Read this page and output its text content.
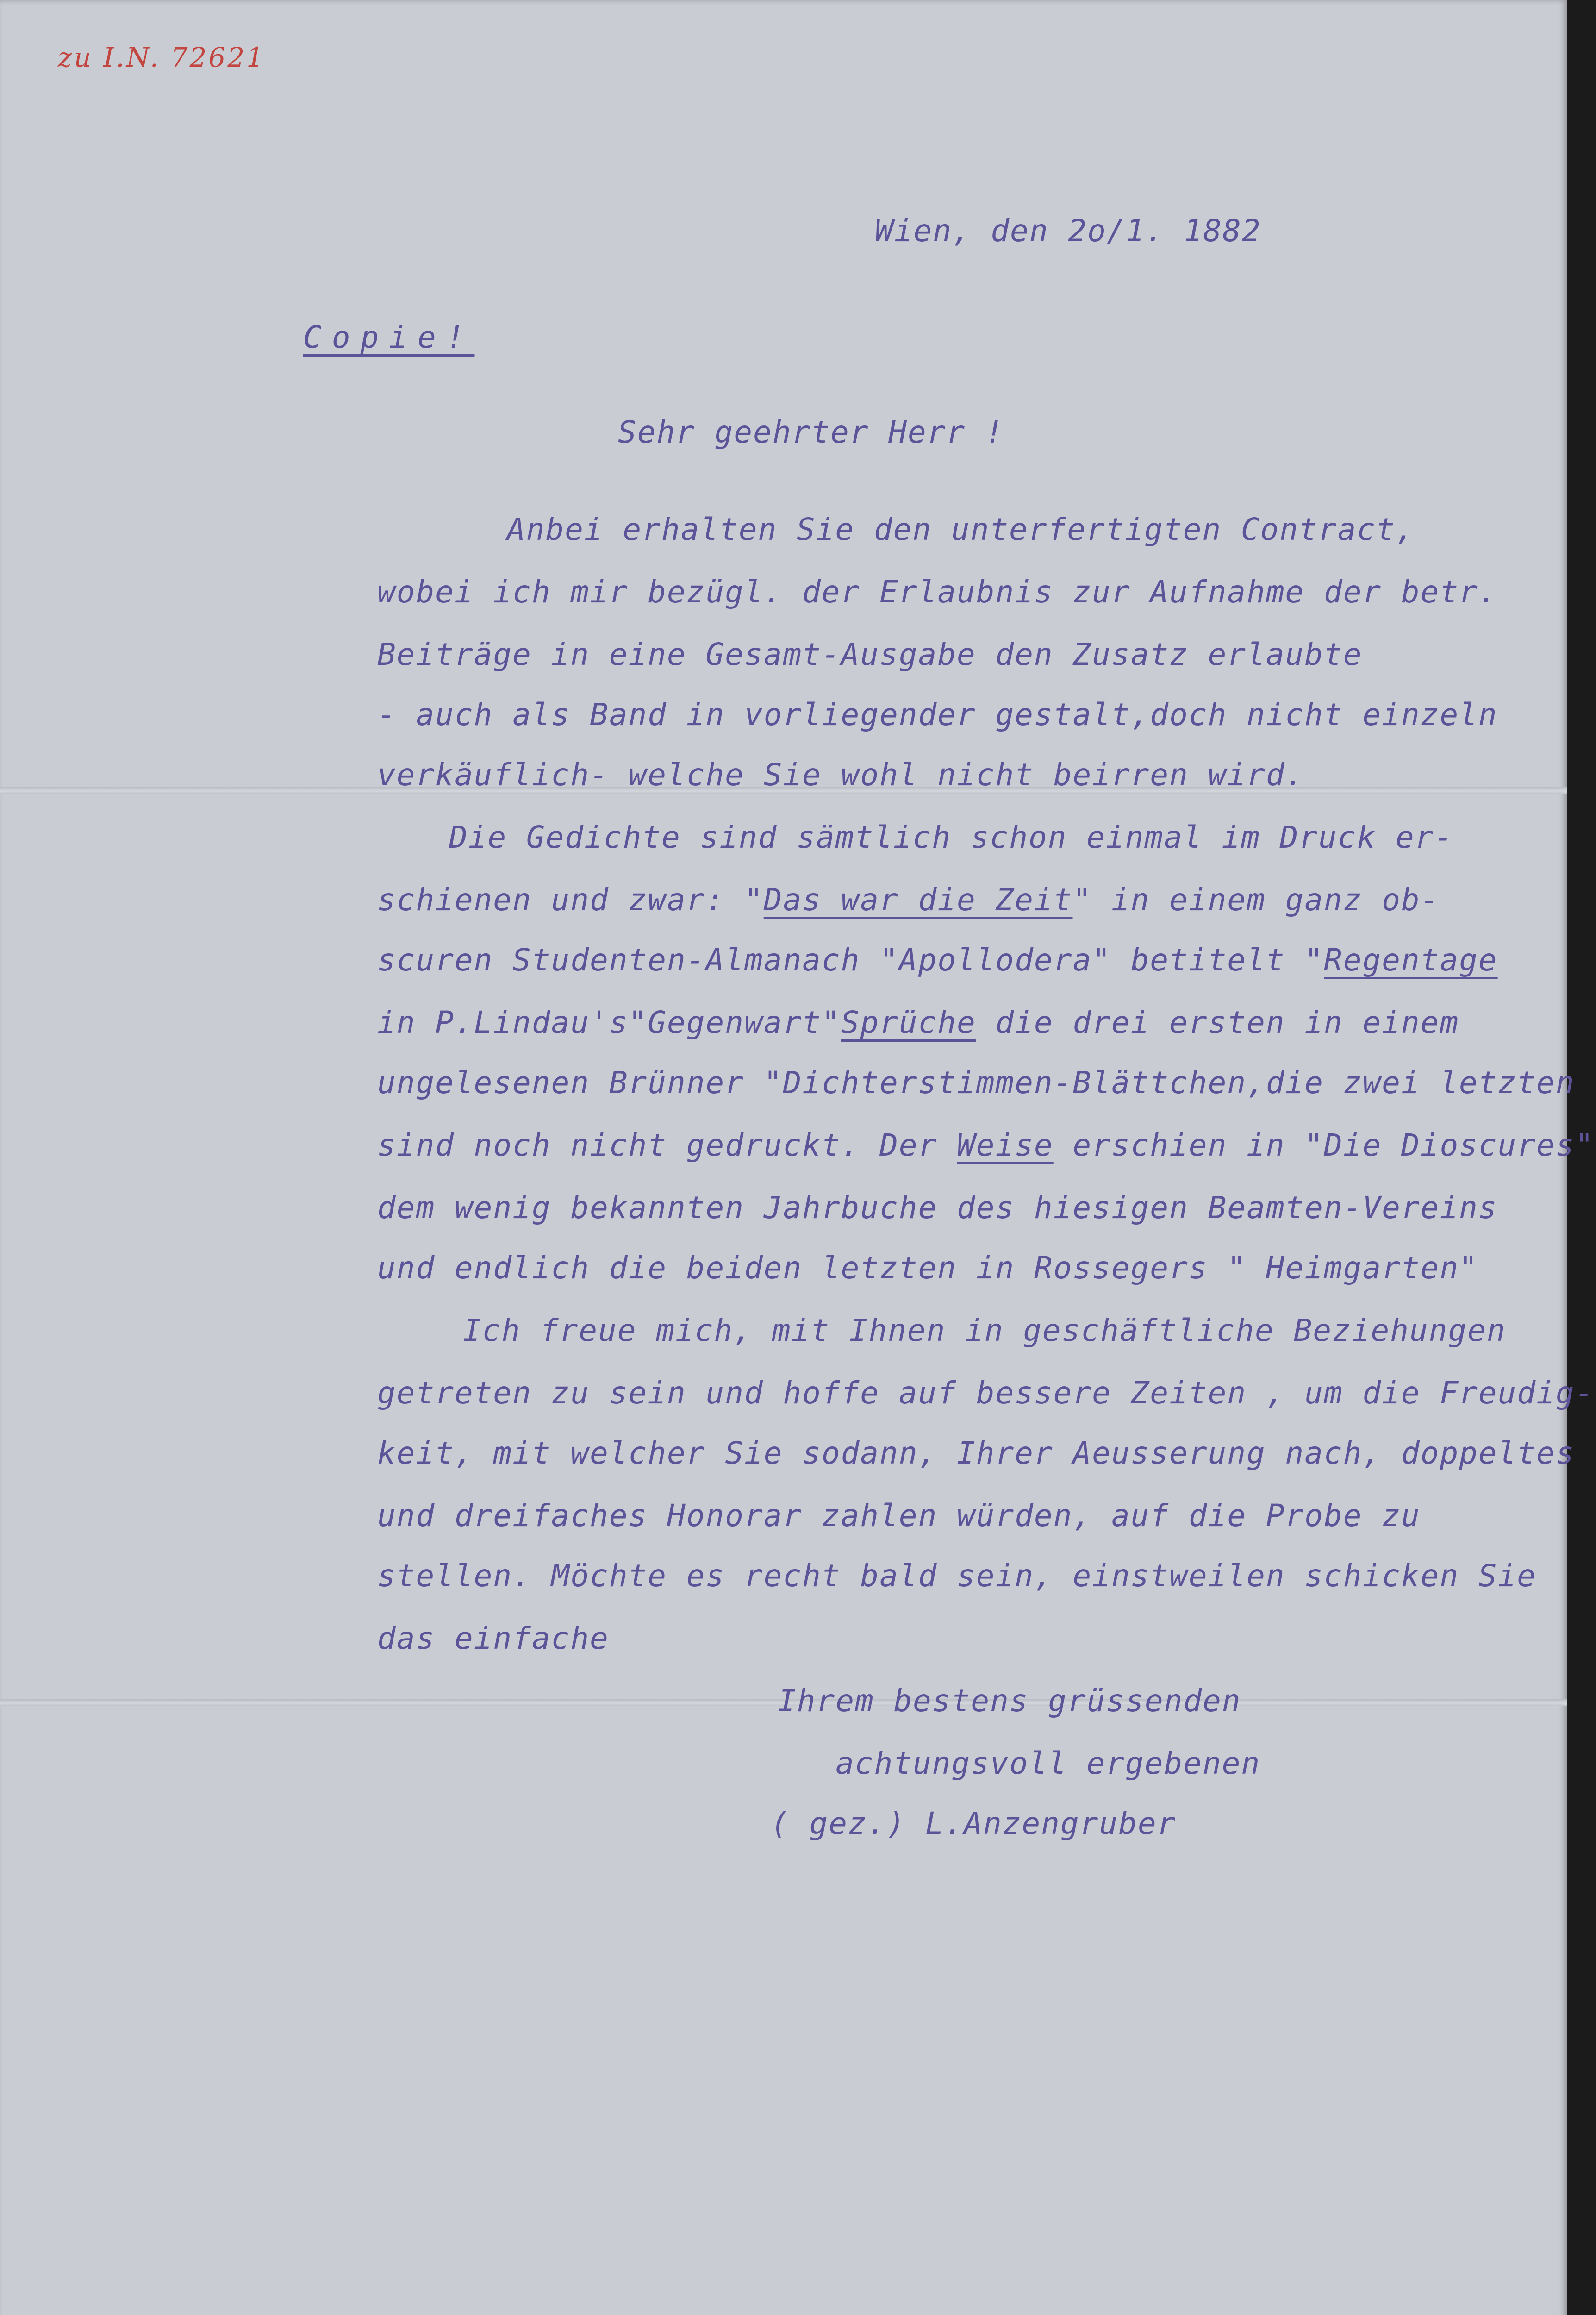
zu I.N. 72621

Wien, den 2o/1. 1882

Copie!

Sehr geehrter Herr !

Anbei erhalten Sie den unterfertigten Contract,

wobei ich mir bezügl. der Erlaubnis zur Aufnahme der betr.

Beiträge in eine Gesamt-Ausgabe den Zusatz erlaubte

- auch als Band in vorliegender gestalt,doch nicht einzeln

verkäuflich- welche Sie wohl nicht beirren wird.

Die Gedichte sind sämtlich schon einmal im Druck er-

schienen und zwar: "Das war die Zeit" in einem ganz ob-

scuren Studenten-Almanach "Apollodera" betitelt "Regentage

in P.Lindau's"Gegenwart"Sprüche die drei ersten in einem

ungelesenen Brünner "Dichterstimmen-Blättchen,die zwei letzten

sind noch nicht gedruckt. Der Weise erschien in "Die Dioscures"

dem wenig bekannten Jahrbuche des hiesigen Beamten-Vereins

und endlich die beiden letzten in Rossegers " Heimgarten"

Ich freue mich, mit Ihnen in geschäftliche Beziehungen

getreten zu sein und hoffe auf bessere Zeiten , um die Freudig-

keit, mit welcher Sie sodann, Ihrer Aeusserung nach, doppeltes

und dreifaches Honorar zahlen würden, auf die Probe zu

stellen. Möchte es recht bald sein, einstweilen schicken Sie

das einfache

Ihrem bestens grüssenden

achtungsvoll ergebenen

( gez.) L.Anzengruber
